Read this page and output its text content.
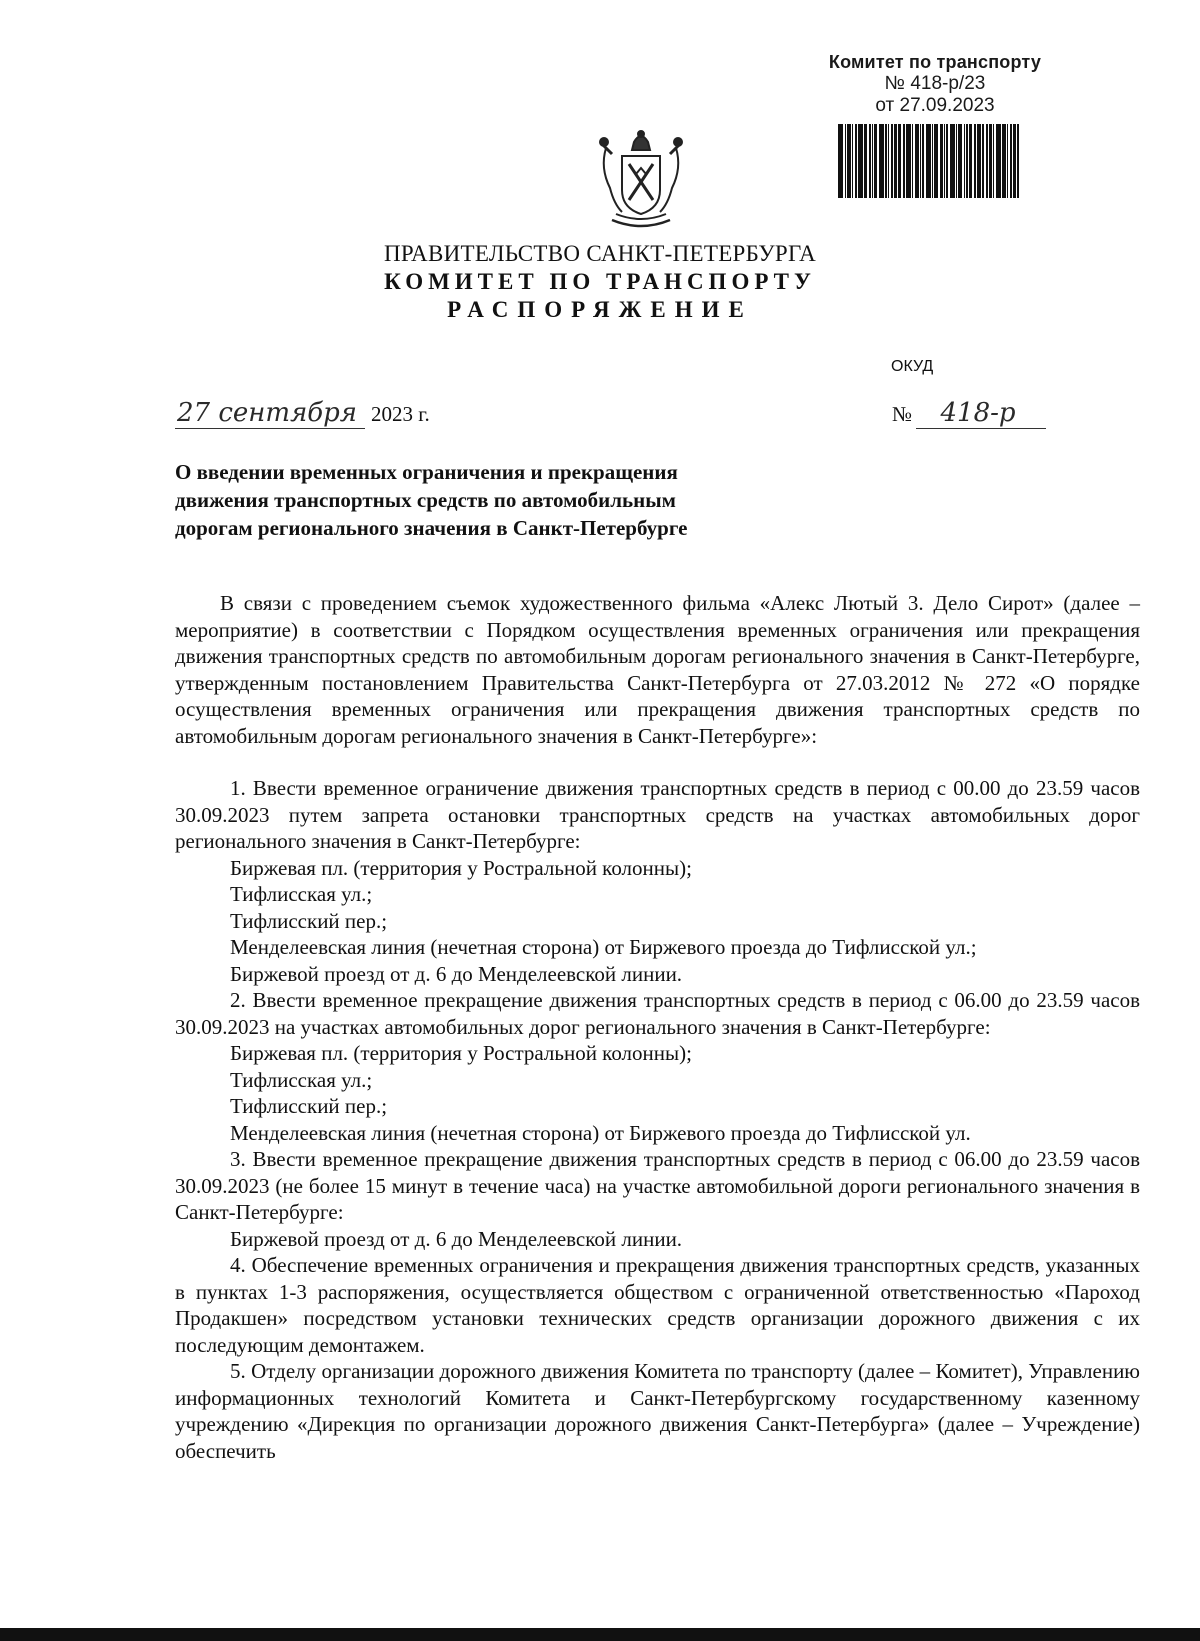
Комитет по транспорту
№ 418-р/23
от 27.09.2023
ПРАВИТЕЛЬСТВО САНКТ-ПЕТЕРБУРГА
КОМИТЕТ ПО ТРАНСПОРТУ
РАСПОРЯЖЕНИЕ
ОКУД
27 сентября 2023 г.	№ 418-р
О введении временных ограничения и прекращения движения транспортных средств по автомобильным дорогам регионального значения в Санкт-Петербурге

В связи с проведением съемок художественного фильма «Алекс Лютый 3. Дело Сирот» (далее – мероприятие) в соответствии с Порядком осуществления временных ограничения или прекращения движения транспортных средств по автомобильным дорогам регионального значения в Санкт-Петербурге, утвержденным постановлением Правительства Санкт-Петербурга от 27.03.2012 № 272 «О порядке осуществления временных ограничения или прекращения движения транспортных средств по автомобильным дорогам регионального значения в Санкт-Петербурге»:

1. Ввести временное ограничение движения транспортных средств в период с 00.00 до 23.59 часов 30.09.2023 путем запрета остановки транспортных средств на участках автомобильных дорог регионального значения в Санкт-Петербурге:

Биржевая пл. (территория у Ростральной колонны);

Тифлисская ул.;

Тифлисский пер.;

Менделеевская линия (нечетная сторона) от Биржевого проезда до Тифлисской ул.;

Биржевой проезд от д. 6 до Менделеевской линии.

2. Ввести временное прекращение движения транспортных средств в период с 06.00 до 23.59 часов 30.09.2023 на участках автомобильных дорог регионального значения в Санкт-Петербурге:

Биржевая пл. (территория у Ростральной колонны);

Тифлисская ул.;

Тифлисский пер.;

Менделеевская линия (нечетная сторона) от Биржевого проезда до Тифлисской ул.

3. Ввести временное прекращение движения транспортных средств в период с 06.00 до 23.59 часов 30.09.2023 (не более 15 минут в течение часа) на участке автомобильной дороги регионального значения в Санкт-Петербурге:

Биржевой проезд от д. 6 до Менделеевской линии.

4. Обеспечение временных ограничения и прекращения движения транспортных средств, указанных в пунктах 1-3 распоряжения, осуществляется обществом с ограниченной ответственностью «Пароход Продакшен» посредством установки технических средств организации дорожного движения с их последующим демонтажем.

5. Отделу организации дорожного движения Комитета по транспорту (далее – Комитет), Управлению информационных технологий Комитета и Санкт-Петербургскому государственному казенному учреждению «Дирекция по организации дорожного движения Санкт-Петербурга» (далее – Учреждение) обеспечить
